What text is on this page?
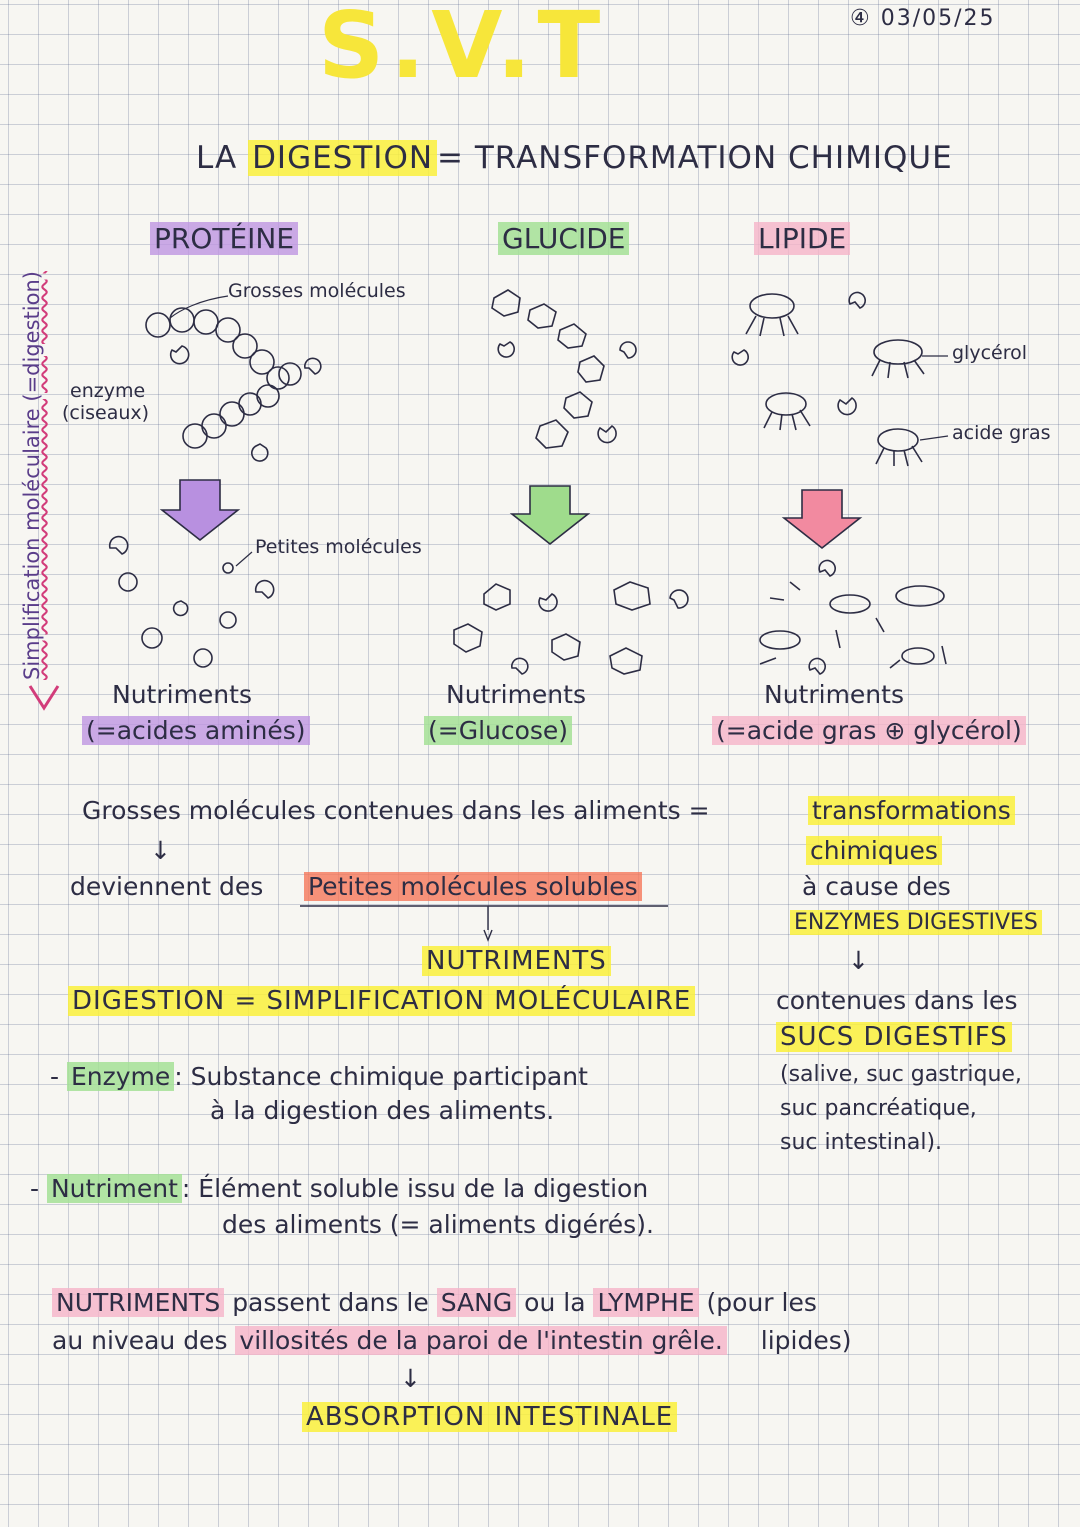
S.V.T	④ 03/05/25
Simplification moléculaire (=digestion)
LA DIGESTION = TRANSFORMATION CHIMIQUE
PROTÉINE	GLUCIDE	LIPIDE
Grosses molécules
enzyme
(ciseaux)
Petites molécules
glycérol
acide gras
Nutriments
(=acides aminés)
Nutriments
(=Glucose)
Nutriments
(=acide gras ⊕ glycérol)
Grosses molécules contenues dans les aliments =	transformations
↓	chimiques
deviennent des Petites molécules solubles	à cause des
ENZYMES DIGESTIVES
↓
NUTRIMENTS
DIGESTION = SIMPLIFICATION MOLÉCULAIRE	contenues dans les
SUCS DIGESTIFS
(salive, suc gastrique,
suc pancréatique,
suc intestinal).
- Enzyme : Substance chimique participant
à la digestion des aliments.
- Nutriment : Élément soluble issu de la digestion
des aliments (= aliments digérés).
NUTRIMENTS passent dans le SANG ou la LYMPHE (pour les
au niveau des villosités de la paroi de l'intestin grêle. lipides)
↓
ABSORPTION INTESTINALE
